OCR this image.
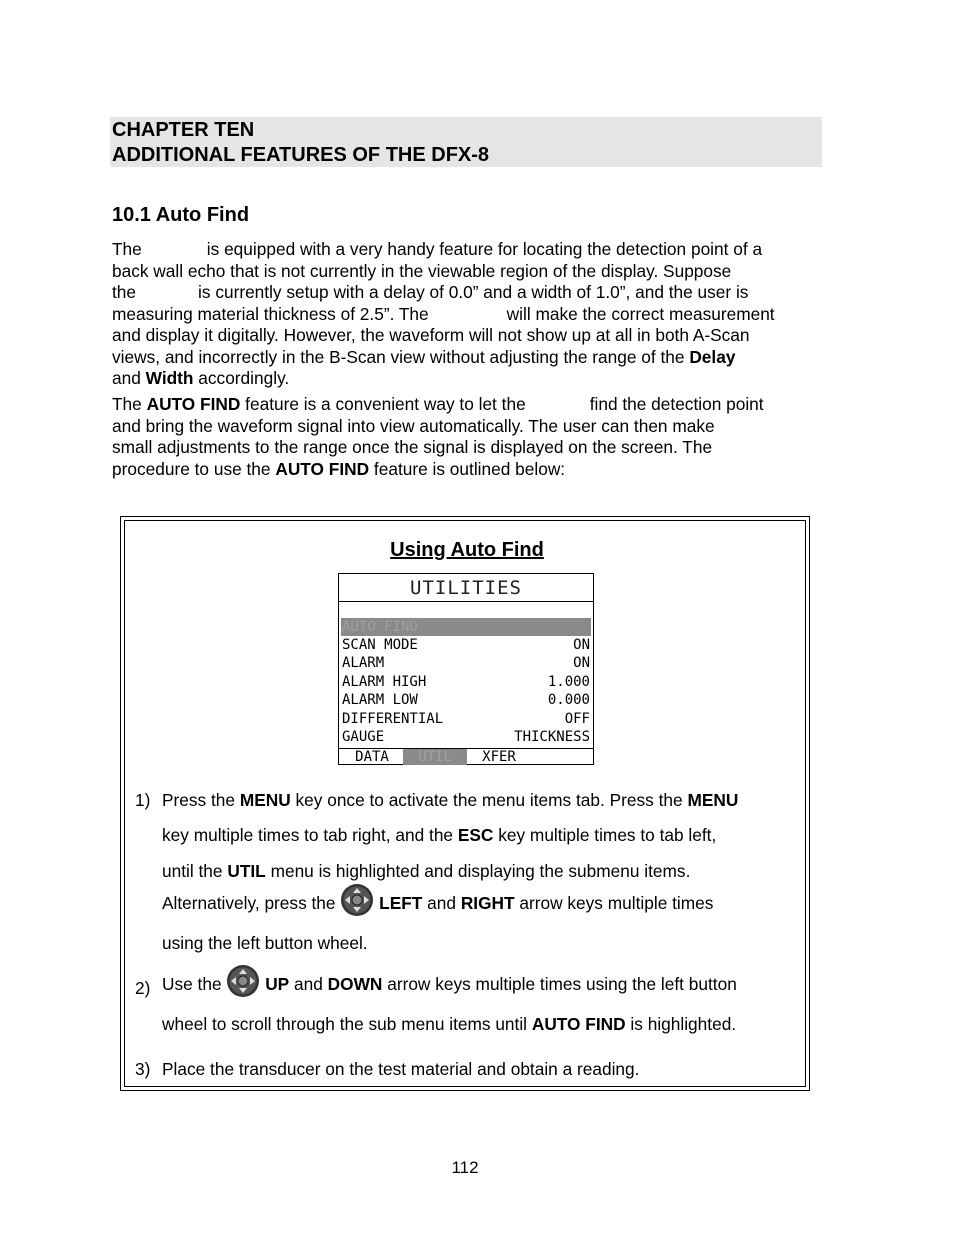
CHAPTER TEN
ADDITIONAL FEATURES OF THE DFX-8
10.1 Auto Find
The	is equipped with a very handy feature for locating the detection point of a
back wall echo that is not currently in the viewable region of the display. Suppose
the	is currently setup with a delay of 0.0” and a width of 1.0”, and the user is
measuring material thickness of 2.5”. The	will make the correct measurement
and display it digitally. However, the waveform will not show up at all in both A-Scan
views, and incorrectly in the B-Scan view without adjusting the range of the Delay
and Width accordingly.
The AUTO FIND feature is a convenient way to let the	find the detection point
and bring the waveform signal into view automatically. The user can then make
small adjustments to the range once the signal is displayed on the screen. The
procedure to use the AUTO FIND feature is outlined below:
Using Auto Find
UTILITIES
AUTO FIND
SCAN MODE	ON
ALARM	ON
ALARM HIGH	1.000
ALARM LOW	0.000
DIFFERENTIAL	OFF
GAUGE	THICKNESS
DATA	UTIL	XFER
1) Press the MENU key once to activate the menu items tab. Press the MENU
key multiple times to tab right, and the ESC key multiple times to tab left,
until the UTIL menu is highlighted and displaying the submenu items.
Alternatively, press the	LEFT and RIGHT arrow keys multiple times
using the left button wheel.
2) Use the	UP and DOWN arrow keys multiple times using the left button
wheel to scroll through the sub menu items until AUTO FIND is highlighted.
3) Place the transducer on the test material and obtain a reading.
112
